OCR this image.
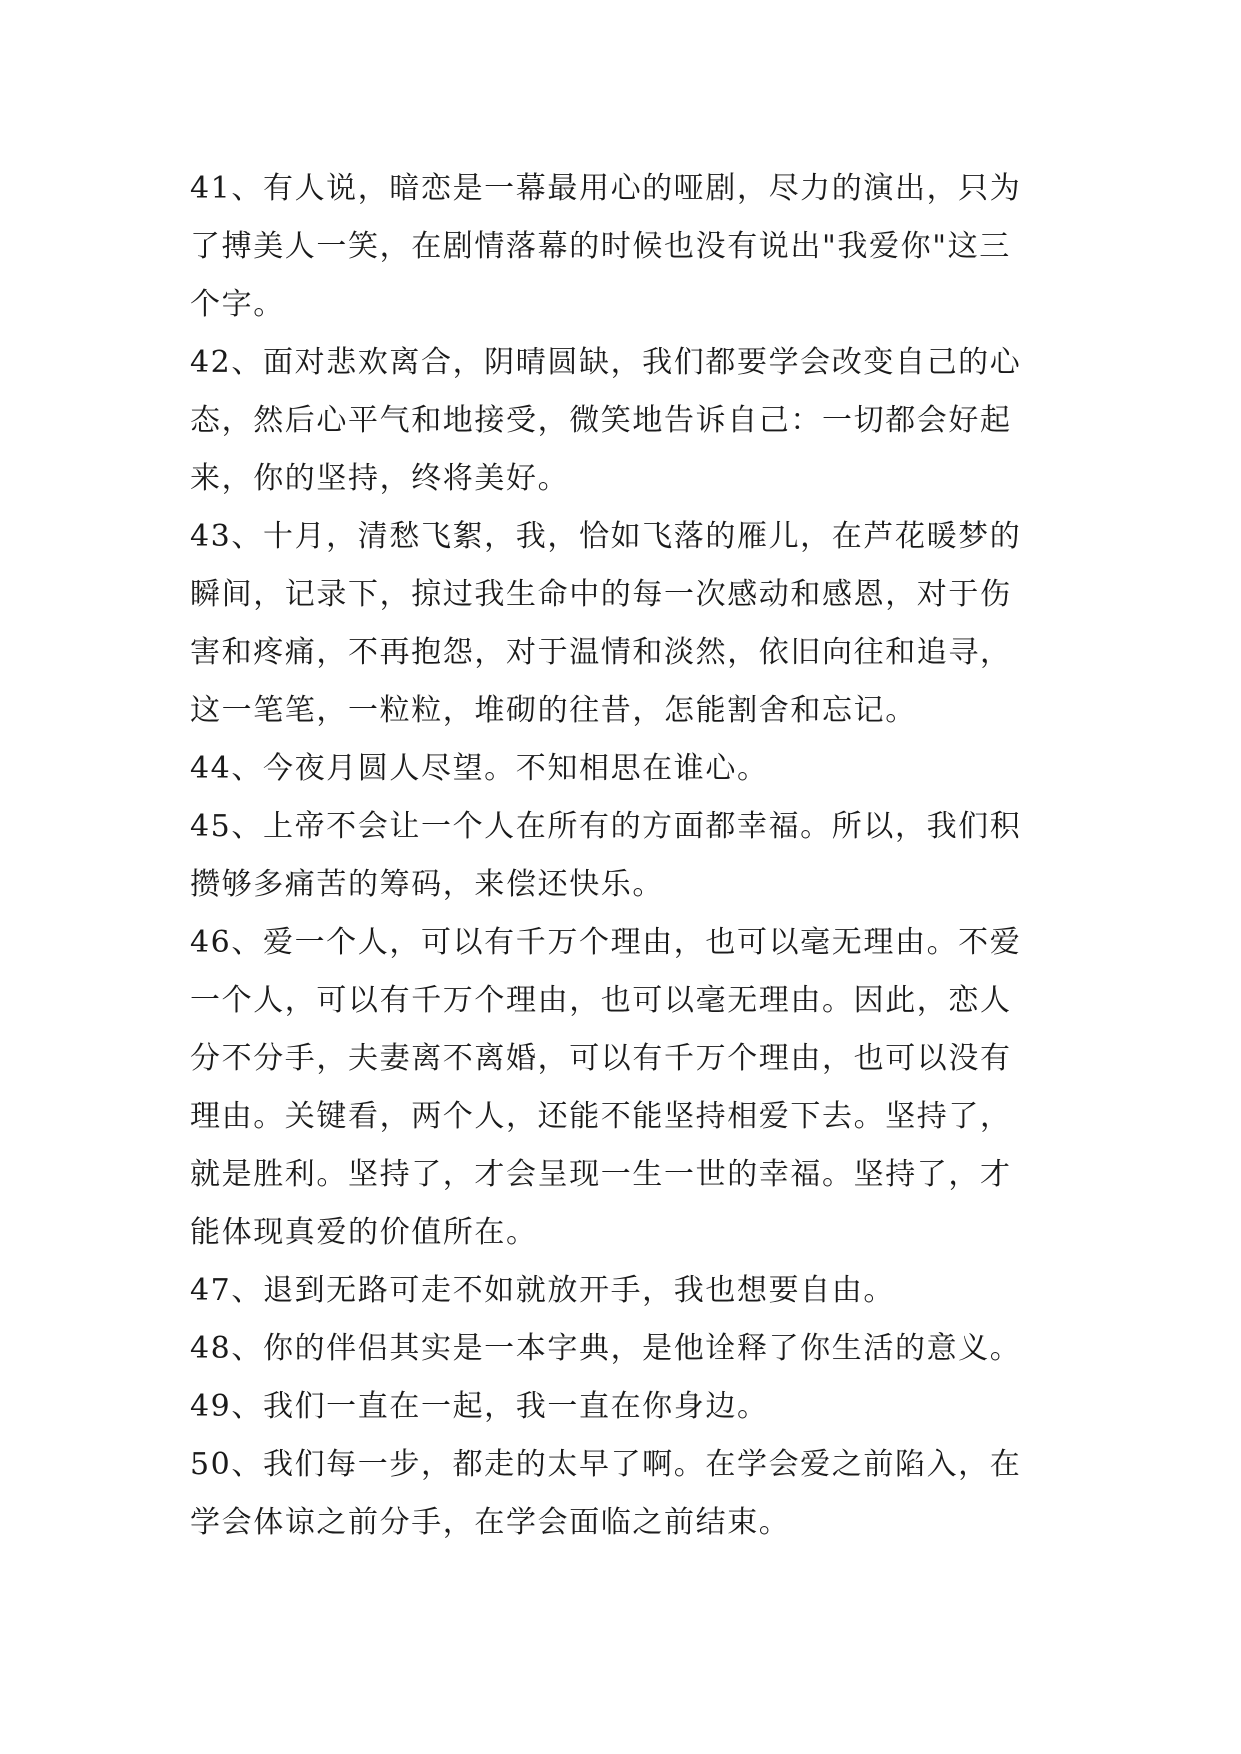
41、有人说，暗恋是一幕最用心的哑剧，尽力的演出，只为
了搏美人一笑，在剧情落幕的时候也没有说出"我爱你"这三
个字。
42、面对悲欢离合，阴晴圆缺，我们都要学会改变自己的心
态，然后心平气和地接受，微笑地告诉自己：一切都会好起
来，你的坚持，终将美好。
43、十月，清愁飞絮，我，恰如飞落的雁儿，在芦花暖梦的
瞬间，记录下，掠过我生命中的每一次感动和感恩，对于伤
害和疼痛，不再抱怨，对于温情和淡然，依旧向往和追寻，
这一笔笔，一粒粒，堆砌的往昔，怎能割舍和忘记。
44、今夜月圆人尽望。不知相思在谁心。
45、上帝不会让一个人在所有的方面都幸福。所以，我们积
攒够多痛苦的筹码，来偿还快乐。
46、爱一个人，可以有千万个理由，也可以毫无理由。不爱
一个人，可以有千万个理由，也可以毫无理由。因此，恋人
分不分手，夫妻离不离婚，可以有千万个理由，也可以没有
理由。关键看，两个人，还能不能坚持相爱下去。坚持了，
就是胜利。坚持了，才会呈现一生一世的幸福。坚持了，才
能体现真爱的价值所在。
47、退到无路可走不如就放开手，我也想要自由。
48、你的伴侣其实是一本字典，是他诠释了你生活的意义。
49、我们一直在一起，我一直在你身边。
50、我们每一步，都走的太早了啊。在学会爱之前陷入，在
学会体谅之前分手，在学会面临之前结束。
